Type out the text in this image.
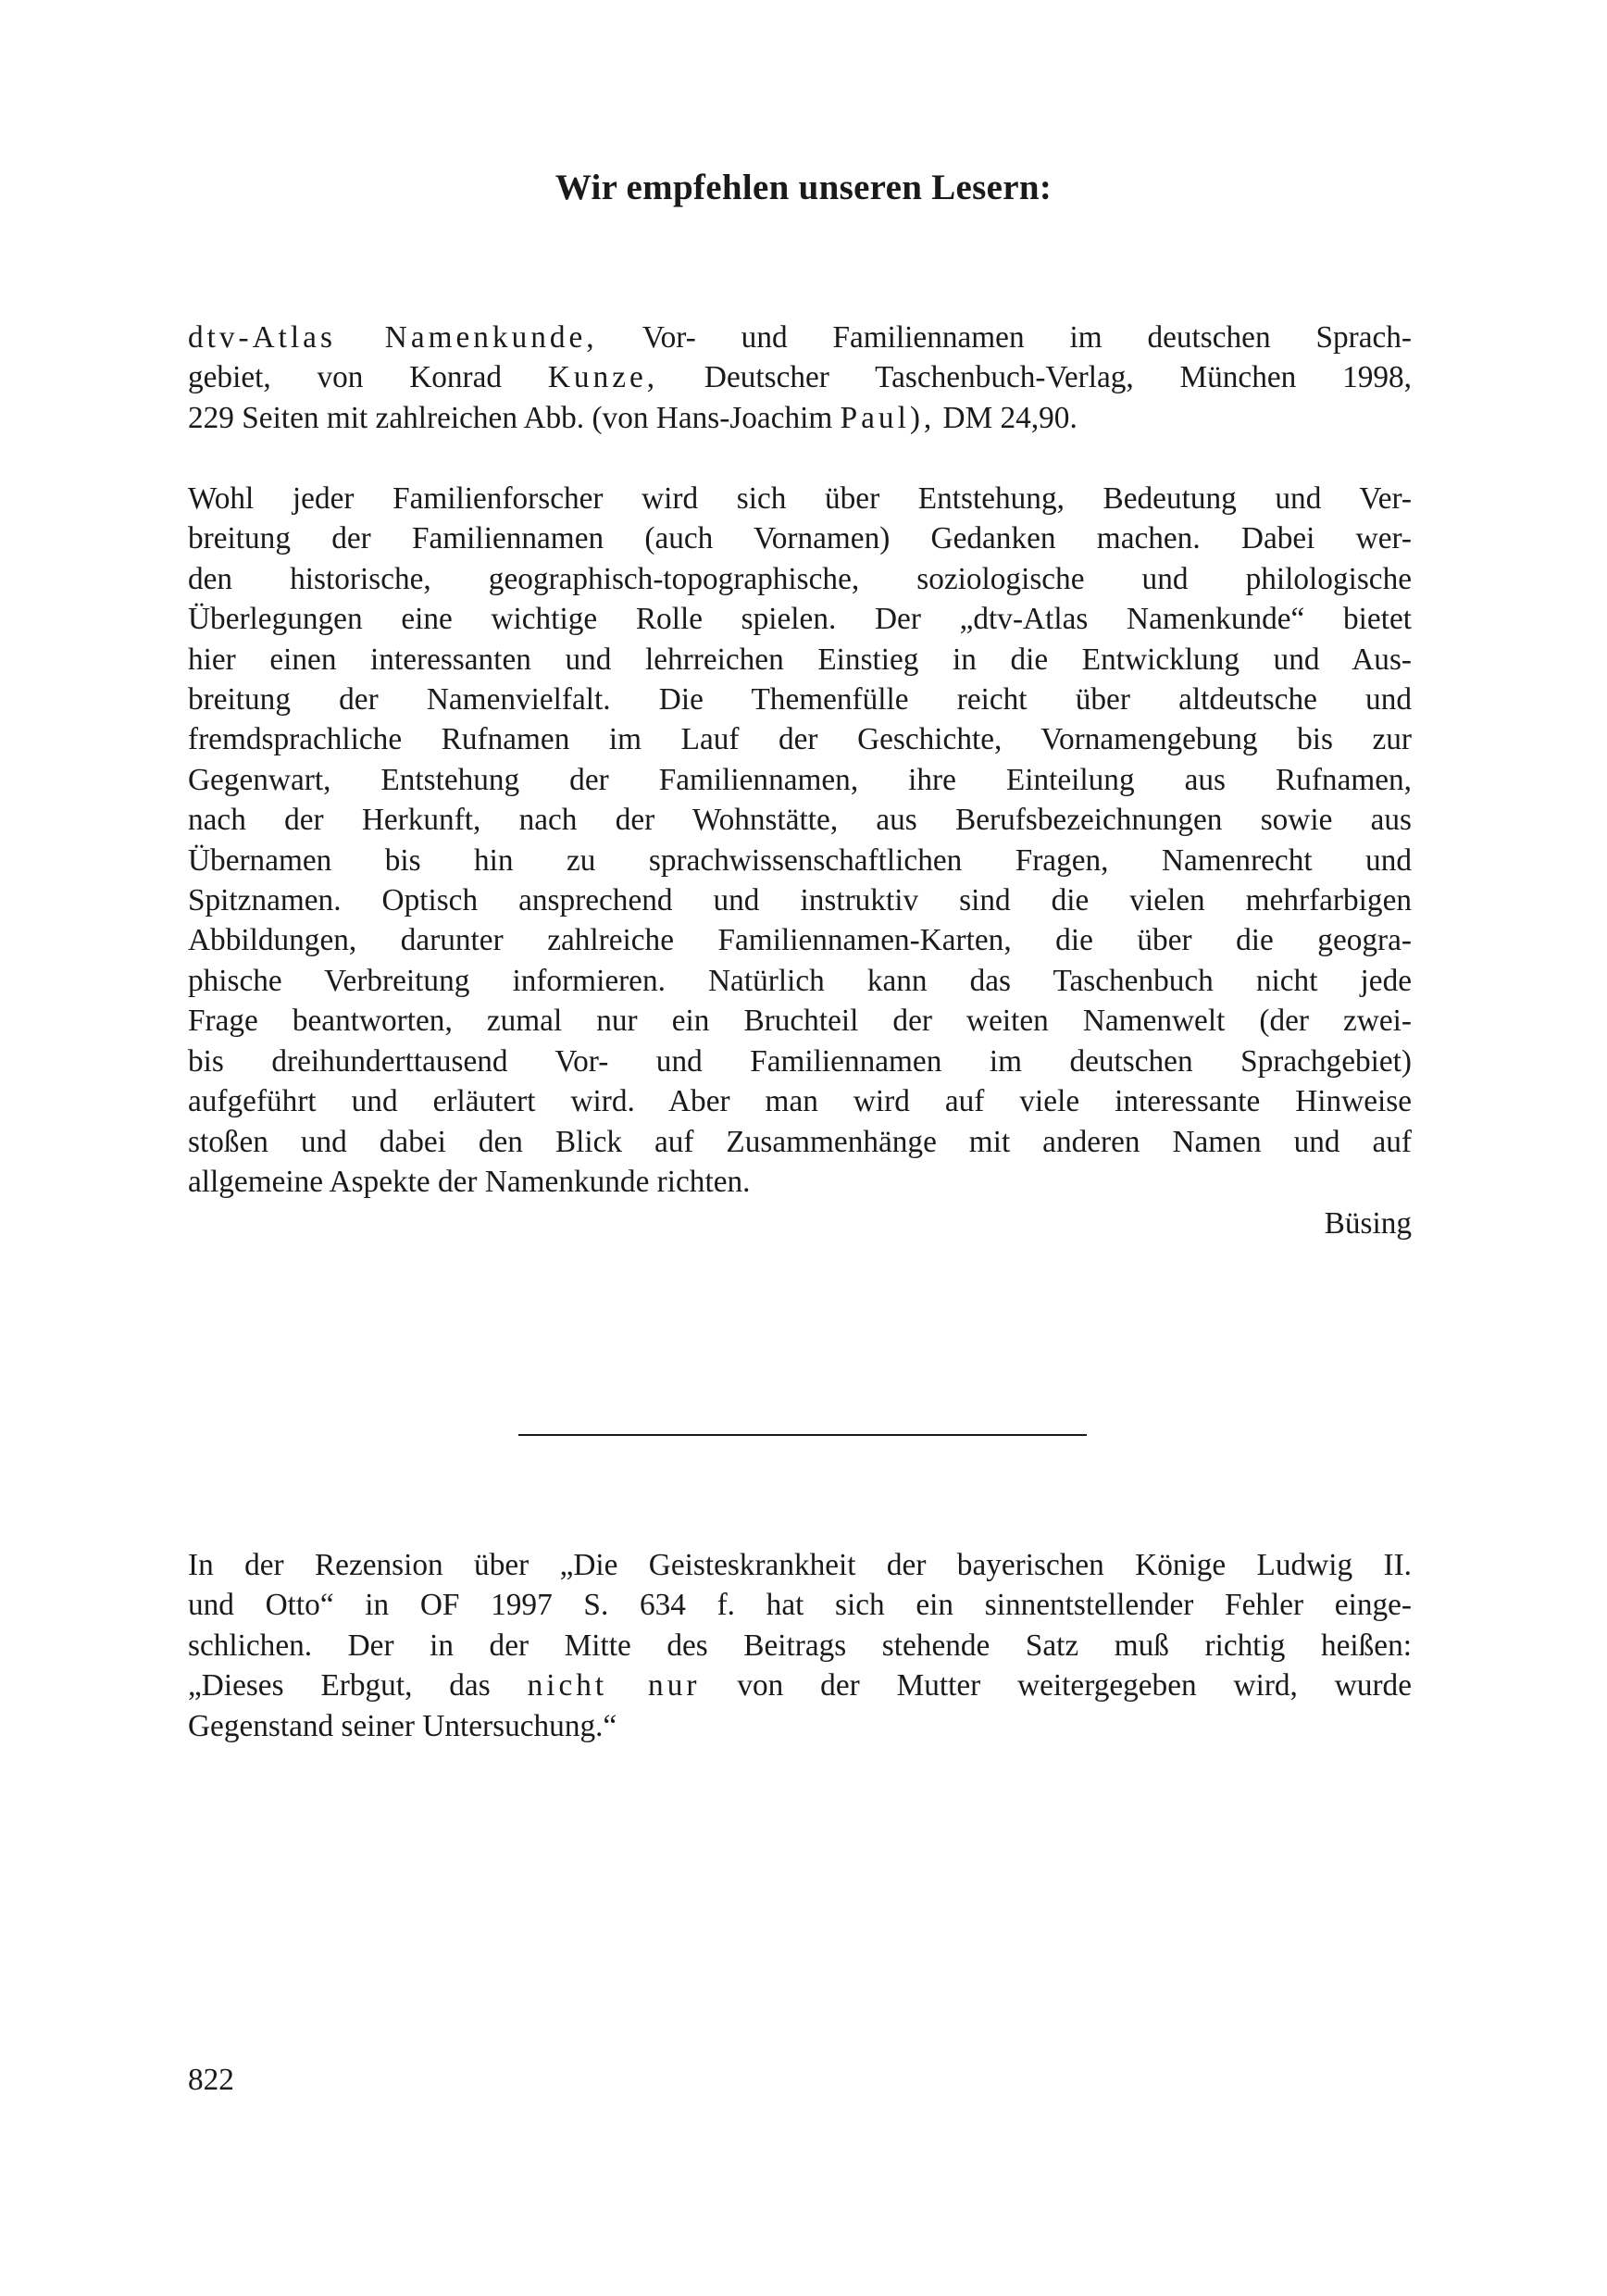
Wir empfehlen unseren Lesern:
dtv-Atlas Namenkunde, Vor- und Familiennamen im deutschen Sprach-
gebiet, von Konrad Kunze, Deutscher Taschenbuch-Verlag, München 1998,
229 Seiten mit zahlreichen Abb. (von Hans-Joachim Paul), DM 24,90.
Wohl jeder Familienforscher wird sich über Entstehung, Bedeutung und Ver-
breitung der Familiennamen (auch Vornamen) Gedanken machen. Dabei wer-
den historische, geographisch-topographische, soziologische und philologische
Überlegungen eine wichtige Rolle spielen. Der „dtv-Atlas Namenkunde“ bietet
hier einen interessanten und lehrreichen Einstieg in die Entwicklung und Aus-
breitung der Namenvielfalt. Die Themenfülle reicht über altdeutsche und
fremdsprachliche Rufnamen im Lauf der Geschichte, Vornamengebung bis zur
Gegenwart, Entstehung der Familiennamen, ihre Einteilung aus Rufnamen,
nach der Herkunft, nach der Wohnstätte, aus Berufsbezeichnungen sowie aus
Übernamen bis hin zu sprachwissenschaftlichen Fragen, Namenrecht und
Spitznamen. Optisch ansprechend und instruktiv sind die vielen mehrfarbigen
Abbildungen, darunter zahlreiche Familiennamen-Karten, die über die geogra-
phische Verbreitung informieren. Natürlich kann das Taschenbuch nicht jede
Frage beantworten, zumal nur ein Bruchteil der weiten Namenwelt (der zwei-
bis dreihunderttausend Vor- und Familiennamen im deutschen Sprachgebiet)
aufgeführt und erläutert wird. Aber man wird auf viele interessante Hinweise
stoßen und dabei den Blick auf Zusammenhänge mit anderen Namen und auf
allgemeine Aspekte der Namenkunde richten.
Büsing
In der Rezension über „Die Geisteskrankheit der bayerischen Könige Ludwig II.
und Otto“ in OF 1997 S. 634 f. hat sich ein sinnentstellender Fehler einge-
schlichen. Der in der Mitte des Beitrags stehende Satz muß richtig heißen:
„Dieses Erbgut, das nicht nur von der Mutter weitergegeben wird, wurde
Gegenstand seiner Untersuchung.“
822
